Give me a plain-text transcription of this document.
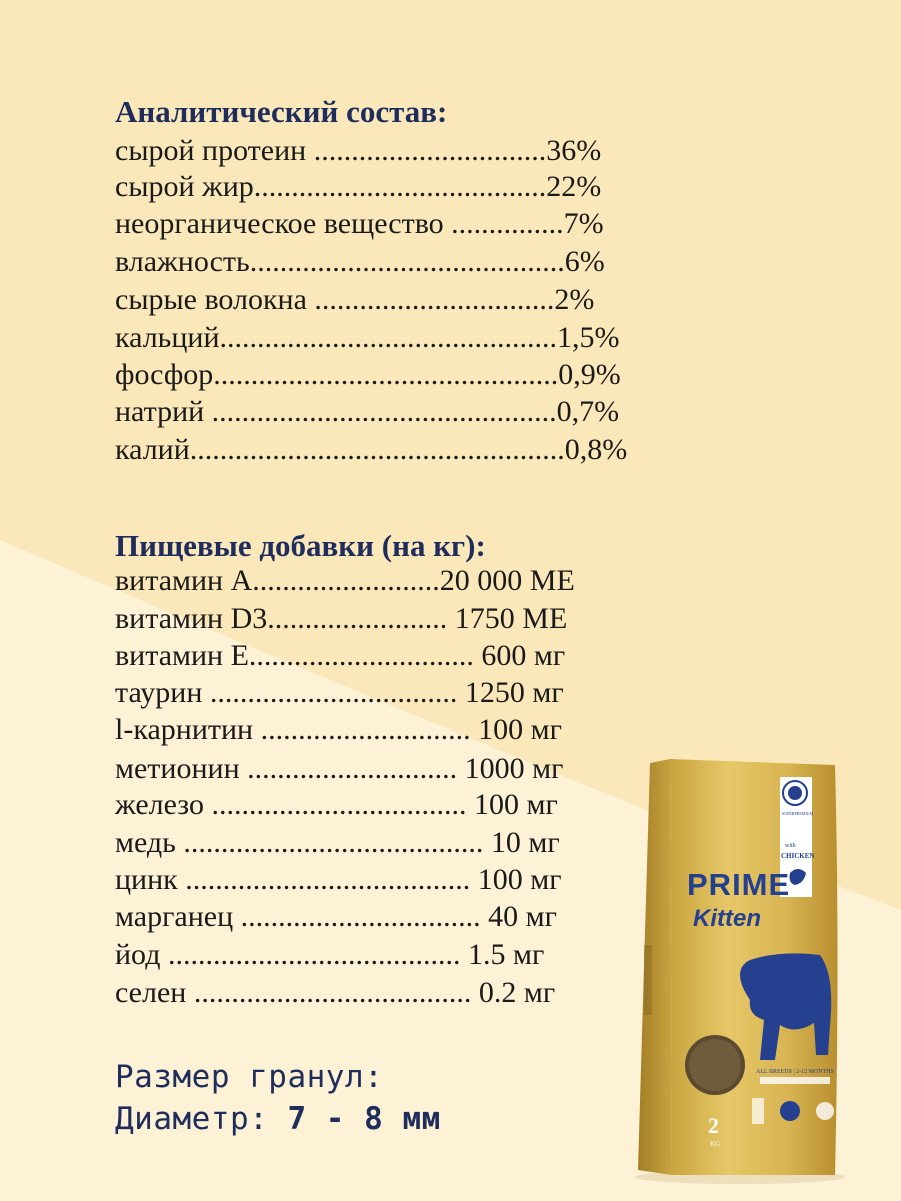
Аналитический состав:
сырой протеин ...............................36%
сырой жир.......................................22%
неорганическое вещество ...............7%
влажность..........................................6%
сырые волокна ................................2%
кальций.............................................1,5%
фосфор..............................................0,9%
натрий ..............................................0,7%
калий..................................................0,8%
Пищевые добавки (на кг):
витамин A.........................20 000 МЕ
витамин D3........................ 1750 МЕ
витамин E.............................. 600 мг
таурин ................................. 1250 мг
l-карнитин ............................ 100 мг
метионин ............................ 1000 мг
железо .................................. 100 мг
медь ........................................ 10 мг
цинк ...................................... 100 мг
марганец ................................ 40 мг
йод ....................................... 1.5 мг
селен ..................................... 0.2 мг
Размер гранул:
Диаметр: 7 - 8 мм
SUPERPREMIUM
with
CHICKEN
PRIME
Kitten
ALL BREEDS | 2-12 MONTHS
2
KG
